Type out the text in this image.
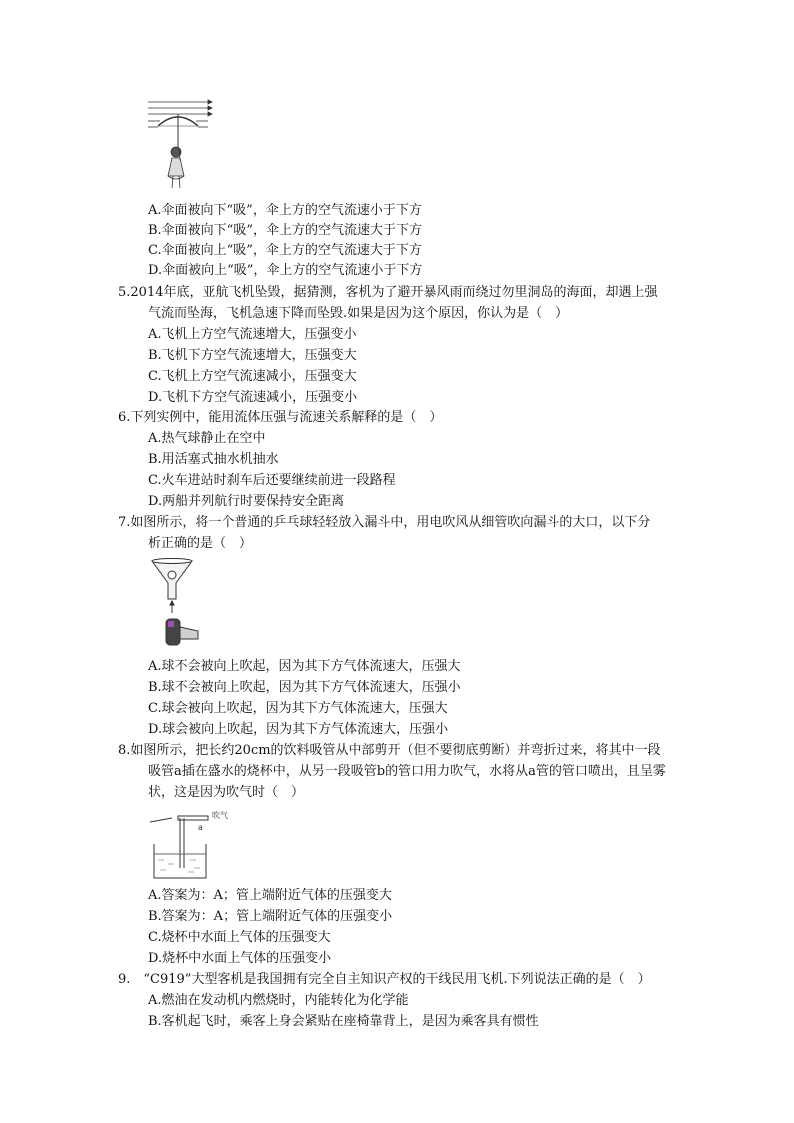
A.伞面被向下“吸”，伞上方的空气流速小于下方
B.伞面被向下“吸”，伞上方的空气流速大于下方
C.伞面被向上“吸”，伞上方的空气流速大于下方
D.伞面被向上“吸”，伞上方的空气流速小于下方
5.2014年底，亚航飞机坠毁，据猜测，客机为了避开暴风雨而绕过勿里洞岛的海面，却遇上强
气流而坠海，飞机急速下降而坠毁.如果是因为这个原因，你认为是（　）
A.飞机上方空气流速增大，压强变小
B.飞机下方空气流速增大，压强变大
C.飞机上方空气流速减小，压强变大
D.飞机下方空气流速减小，压强变小
6.下列实例中，能用流体压强与流速关系解释的是（　）
A.热气球静止在空中
B.用活塞式抽水机抽水
C.火车进站时刹车后还要继续前进一段路程
D.两船并列航行时要保持安全距离
7.如图所示，将一个普通的乒乓球轻轻放入漏斗中，用电吹风从细管吹向漏斗的大口，以下分
析正确的是（　）
A.球不会被向上吹起，因为其下方气体流速大，压强大
B.球不会被向上吹起，因为其下方气体流速大，压强小
C.球会被向上吹起，因为其下方气体流速大，压强大
D.球会被向上吹起，因为其下方气体流速大，压强小
8.如图所示，把长约20cm的饮料吸管从中部剪开（但不要彻底剪断）并弯折过来，将其中一段
吸管a插在盛水的烧杯中，从另一段吸管b的管口用力吹气，水将从a管的管口喷出，且呈雾
状，这是因为吹气时（　）
吹气
a
A.答案为：A；管上端附近气体的压强变大
B.答案为：A；管上端附近气体的压强变小
C.烧杯中水面上气体的压强变大
D.烧杯中水面上气体的压强变小
9.　“C919”大型客机是我国拥有完全自主知识产权的干线民用飞机.下列说法正确的是（　）
A.燃油在发动机内燃烧时，内能转化为化学能
B.客机起飞时，乘客上身会紧贴在座椅靠背上，是因为乘客具有惯性
